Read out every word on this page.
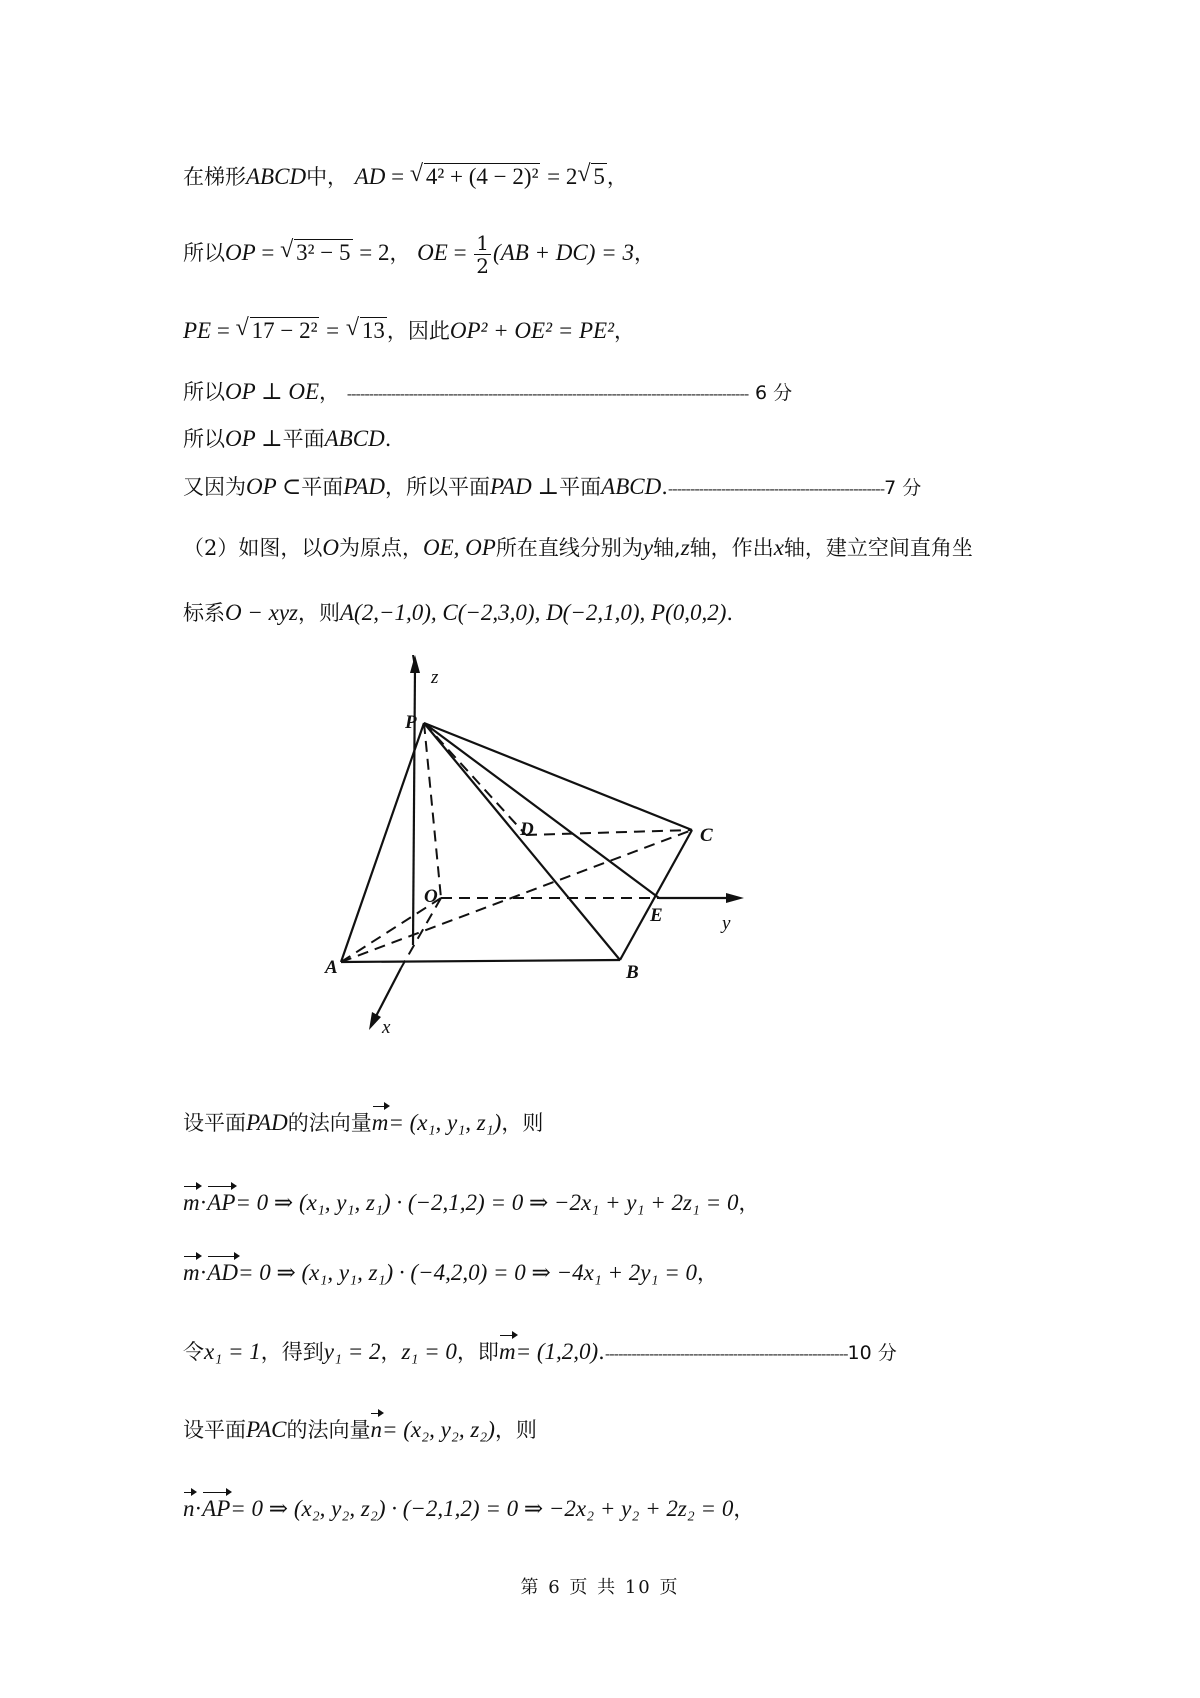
在梯形ABCD中， AD = √ 4² + (4 − 2)² = 2 √ 5，
所以OP = √ 3² − 5 = 2， OE = $\frac{1}{2} (AB + DC) = 3$，
PE = √ 17 − 2² = √ 13，因此OP² + OE² = PE²，
所以OP ⊥ OE， ------------------------------------------------------------------------------------------- 6 分
所以OP ⊥平面ABCD.
又因为OP ⊂平面PAD，所以平面PAD ⊥平面ABCD.-------------------------------------------------7 分
（2）如图，以O为原点，OE, OP所在直线分别为y轴,z轴，作出x轴，建立空间直角坐
标系O − xyz，则A(2,−1,0), C(−2,3,0), D(−2,1,0), P(0,0,2).
z
P
D	C
O
E	y
A	B
x
设平面PAD的法向量m= (x₁, y₁, z₁)，则
m·AP= 0 ⇒ (x₁, y₁, z₁) · (−2,1,2) = 0 ⇒ −2x₁ + y₁ + 2z₁ = 0，
m·AD= 0 ⇒ (x₁, y₁, z₁) · (−4,2,0) = 0 ⇒ −4x₁ + 2y₁ = 0，
令x₁ = 1，得到y₁ = 2，z₁ = 0，即m= (1,2,0).-------------------------------------------------------10 分
设平面PAC的法向量n= (x₂, y₂, z₂)，则
n·AP= 0 ⇒ (x₂, y₂, z₂) · (−2,1,2) = 0 ⇒ −2x₂ + y₂ + 2z₂ = 0，
第 6 页 共 10 页
